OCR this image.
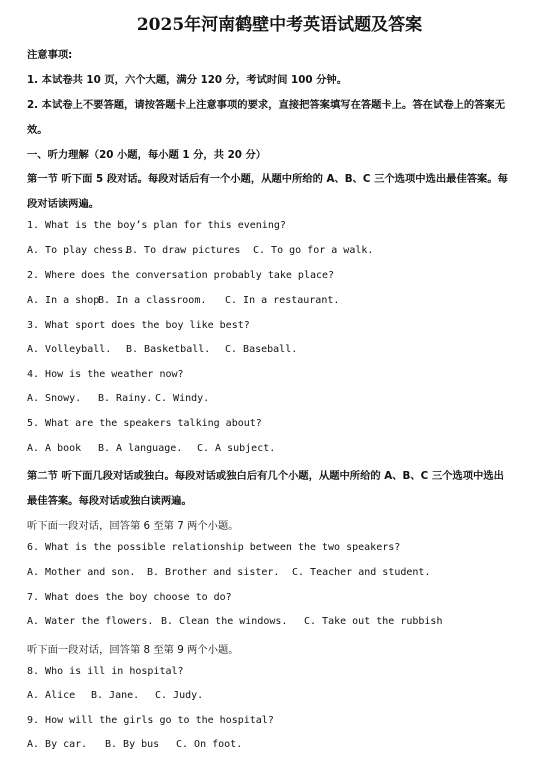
2025年河南鹤壁中考英语试题及答案
注意事项:
1. 本试卷共 10 页，六个大题，满分 120 分，考试时间 100 分钟。
2. 本试卷上不要答题，请按答题卡上注意事项的要求，直接把答案填写在答题卡上。答在试卷上的答案无
效。
一、听力理解（20 小题，每小题 1 分，共 20 分）
第一节 听下面 5 段对话。每段对话后有一个小题，从题中所给的 A、B、C 三个选项中选出最佳答案。每
段对话读两遍。
1. What is the boy’s plan for this evening?
A. To play chess.B. To draw pictures C. To go for a walk.
2. Where does the conversation probably take place?
A. In a shopB. In a classroom. C. In a restaurant.
3. What sport does the boy like best?
A. Volleyball. B. Basketball. C. Baseball.
4. How is the weather now?
A. Snowy. B. Rainy. C. Windy.
5. What are the speakers talking about?
A. A book B. A language. C. A subject.
第二节 听下面几段对话或独白。每段对话或独白后有几个小题，从题中所给的 A、B、C 三个选项中选出
最佳答案。每段对话或独白读两遍。
听下面一段对话，回答第 6 至第 7 两个小题。
6. What is the possible relationship between the two speakers?
A. Mother and son. B. Brother and sister. C. Teacher and student.
7. What does the boy choose to do?
A. Water the flowers. B. Clean the windows. C. Take out the rubbish
听下面一段对话，回答第 8 至第 9 两个小题。
8. Who is ill in hospital?
A. Alice B. Jane. C. Judy.
9. How will the girls go to the hospital?
A. By car. B. By bus C. On foot.
